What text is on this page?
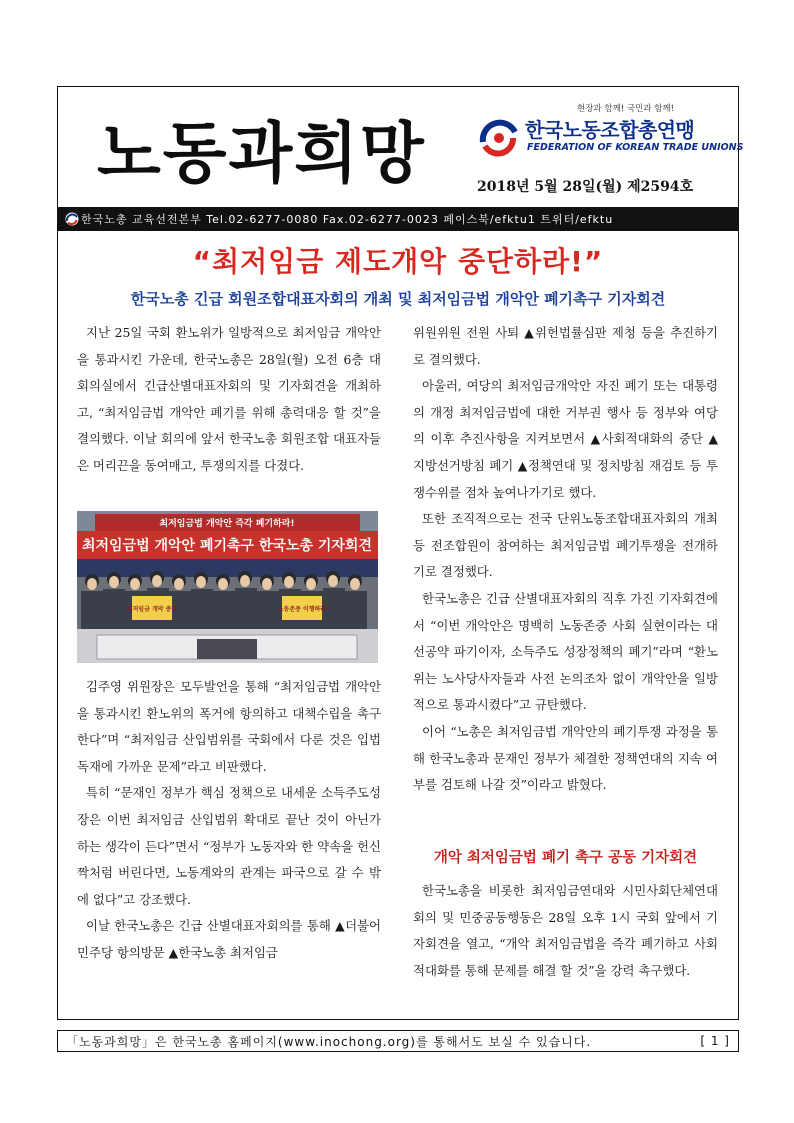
노동과희망
현장과 함께! 국민과 함께!
한국노동조합총연맹
FEDERATION OF KOREAN TRADE UNIONS
2018년 5월 28일(월) 제2594호
한국노총 교육선전본부 Tel.02-6277-0080 Fax.02-6277-0023 페이스북/efktu1 트위터/efktu
“최저임금 제도개악 중단하라!”
한국노총 긴급 회원조합대표자회의 개최 및 최저임금법 개악안 폐기촉구 기자회견

지난 25일 국회 환노위가 일방적으로 최저임금 개악안을 통과시킨 가운데, 한국노총은 28일(월) 오전 6층 대회의실에서 긴급산별대표자회의 및 기자회견을 개최하고, “최저임금법 개악안 폐기를 위해 총력대응 할 것”을 결의했다. 이날 회의에 앞서 한국노총 회원조합 대표자들은 머리끈을 동여매고, 투쟁의지를 다졌다.

최저임금법 개악안 즉각 폐기하라!
최저임금법 개악안 폐기촉구 한국노총 기자회견
최저임금 개악 중단	노동존중 이행하라

김주영 위원장은 모두발언을 통해 “최저임금법 개악안을 통과시킨 환노위의 폭거에 항의하고 대책수립을 촉구한다”며 “최저임금 산입범위를 국회에서 다룬 것은 입법 독재에 가까운 문제”라고 비판했다.

특히 “문재인 정부가 핵심 정책으로 내세운 소득주도성장은 이번 최저임금 산입범위 확대로 끝난 것이 아닌가 하는 생각이 든다”면서 “정부가 노동자와 한 약속을 헌신짝처럼 버린다면, 노동계와의 관계는 파국으로 갈 수 밖에 없다”고 강조했다.

이날 한국노총은 긴급 산별대표자회의를 통해 ▲더불어민주당 항의방문 ▲한국노총 최저임금

위원위원 전원 사퇴 ▲위헌법률심판 제청 등을 추진하기로 결의했다.

아울러, 여당의 최저임금개악안 자진 폐기 또는 대통령의 개정 최저임금법에 대한 거부권 행사 등 정부와 여당의 이후 추진사항을 지켜보면서 ▲사회적대화의 중단 ▲지방선거방침 폐기 ▲정책연대 및 정치방침 재검토 등 투쟁수위를 점차 높여나가기로 했다.

또한 조직적으로는 전국 단위노동조합대표자회의 개최 등 전조합원이 참여하는 최저임금법 폐기투쟁을 전개하기로 결정했다.

한국노총은 긴급 산별대표자회의 직후 가진 기자회견에서 “이번 개악안은 명백히 노동존중 사회 실현이라는 대선공약 파기이자, 소득주도 성장정책의 폐기”라며 “환노위는 노사당사자들과 사전 논의조차 없이 개악안을 일방적으로 통과시켰다”고 규탄했다.

이어 “노총은 최저임금법 개악안의 폐기투쟁 과정을 통해 한국노총과 문재인 정부가 체결한 정책연대의 지속 여부를 검토해 나갈 것”이라고 밝혔다.

개악 최저임금법 폐기 촉구 공동 기자회견

한국노총을 비롯한 최저임금연대와 시민사회단체연대회의 및 민중공동행동은 28일 오후 1시 국회 앞에서 기자회견을 열고, “개악 최저임금법을 즉각 폐기하고 사회적대화를 통해 문제를 해결 할 것”을 강력 촉구했다.

「노동과희망」은 한국노총 홈페이지(www.inochong.org)를 통해서도 보실 수 있습니다.	[ 1 ]
